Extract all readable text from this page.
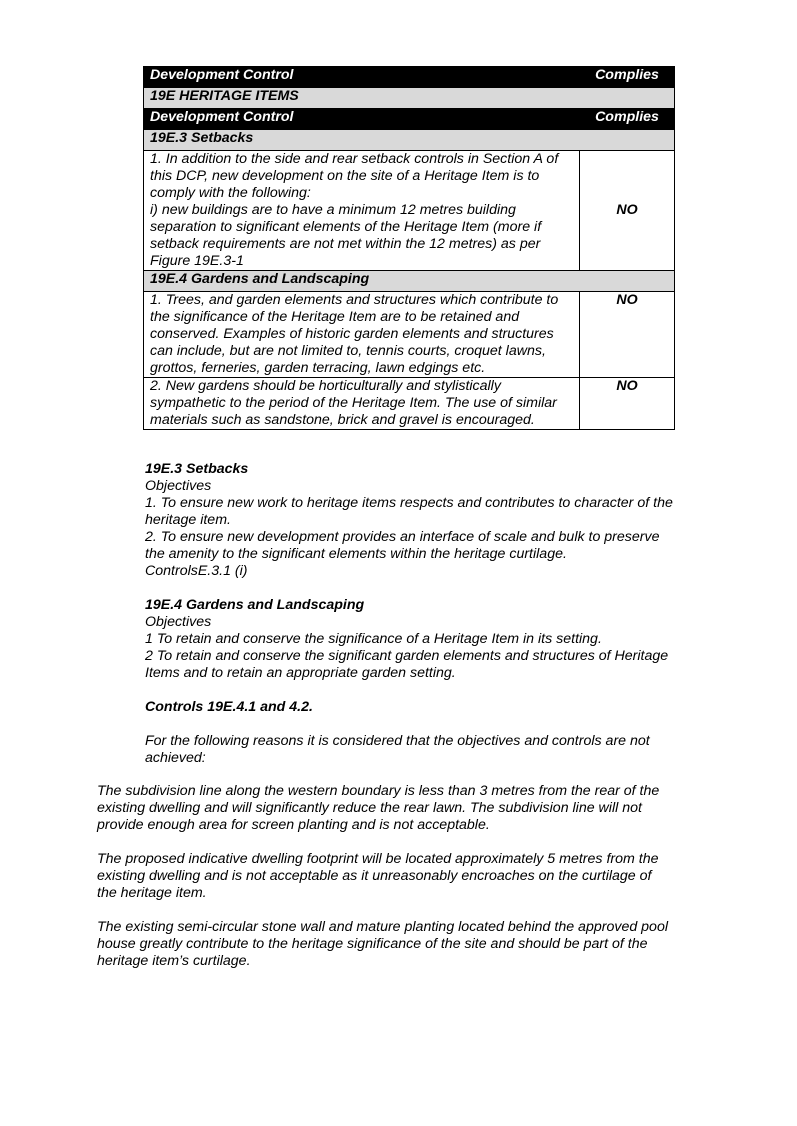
Development Control	Complies
19E HERITAGE ITEMS	
Development Control	Complies
19E.3 Setbacks	

1. In addition to the side and rear setback controls in Section A of this DCP, new development on the site of a Heritage Item is to comply with the following:

i) new buildings are to have a minimum 12 metres building separation to significant elements of the Heritage Item (more if setback requirements are not met within the 12 metres) as per Figure 19E.3-1	NO
19E.4 Gardens and Landscaping	
1. Trees, and garden elements and structures which contribute to the significance of the Heritage Item are to be retained and conserved. Examples of historic garden elements and structures can include, but are not limited to, tennis courts, croquet lawns, grottos, ferneries, garden terracing, lawn edgings etc.	NO
2. New gardens should be horticulturally and stylistically sympathetic to the period of the Heritage Item. The use of similar materials such as sandstone, brick and gravel is encouraged.	NO

19E.3 Setbacks

Objectives

1. To ensure new work to heritage items respects and contributes to character of the heritage item.

2. To ensure new development provides an interface of scale and bulk to preserve the amenity to the significant elements within the heritage curtilage.

ControlsE.3.1 (i)

19E.4 Gardens and Landscaping

Objectives

1 To retain and conserve the significance of a Heritage Item in its setting.

2 To retain and conserve the significant garden elements and structures of Heritage Items and to retain an appropriate garden setting.

Controls 19E.4.1 and 4.2.

For the following reasons it is considered that the objectives and controls are not achieved:

The subdivision line along the western boundary is less than 3 metres from the rear of the existing dwelling and will significantly reduce the rear lawn. The subdivision line will not provide enough area for screen planting and is not acceptable.

The proposed indicative dwelling footprint will be located approximately 5 metres from the existing dwelling and is not acceptable as it unreasonably encroaches on the curtilage of the heritage item.

The existing semi-circular stone wall and mature planting located behind the approved pool house greatly contribute to the heritage significance of the site and should be part of the heritage item’s curtilage.
